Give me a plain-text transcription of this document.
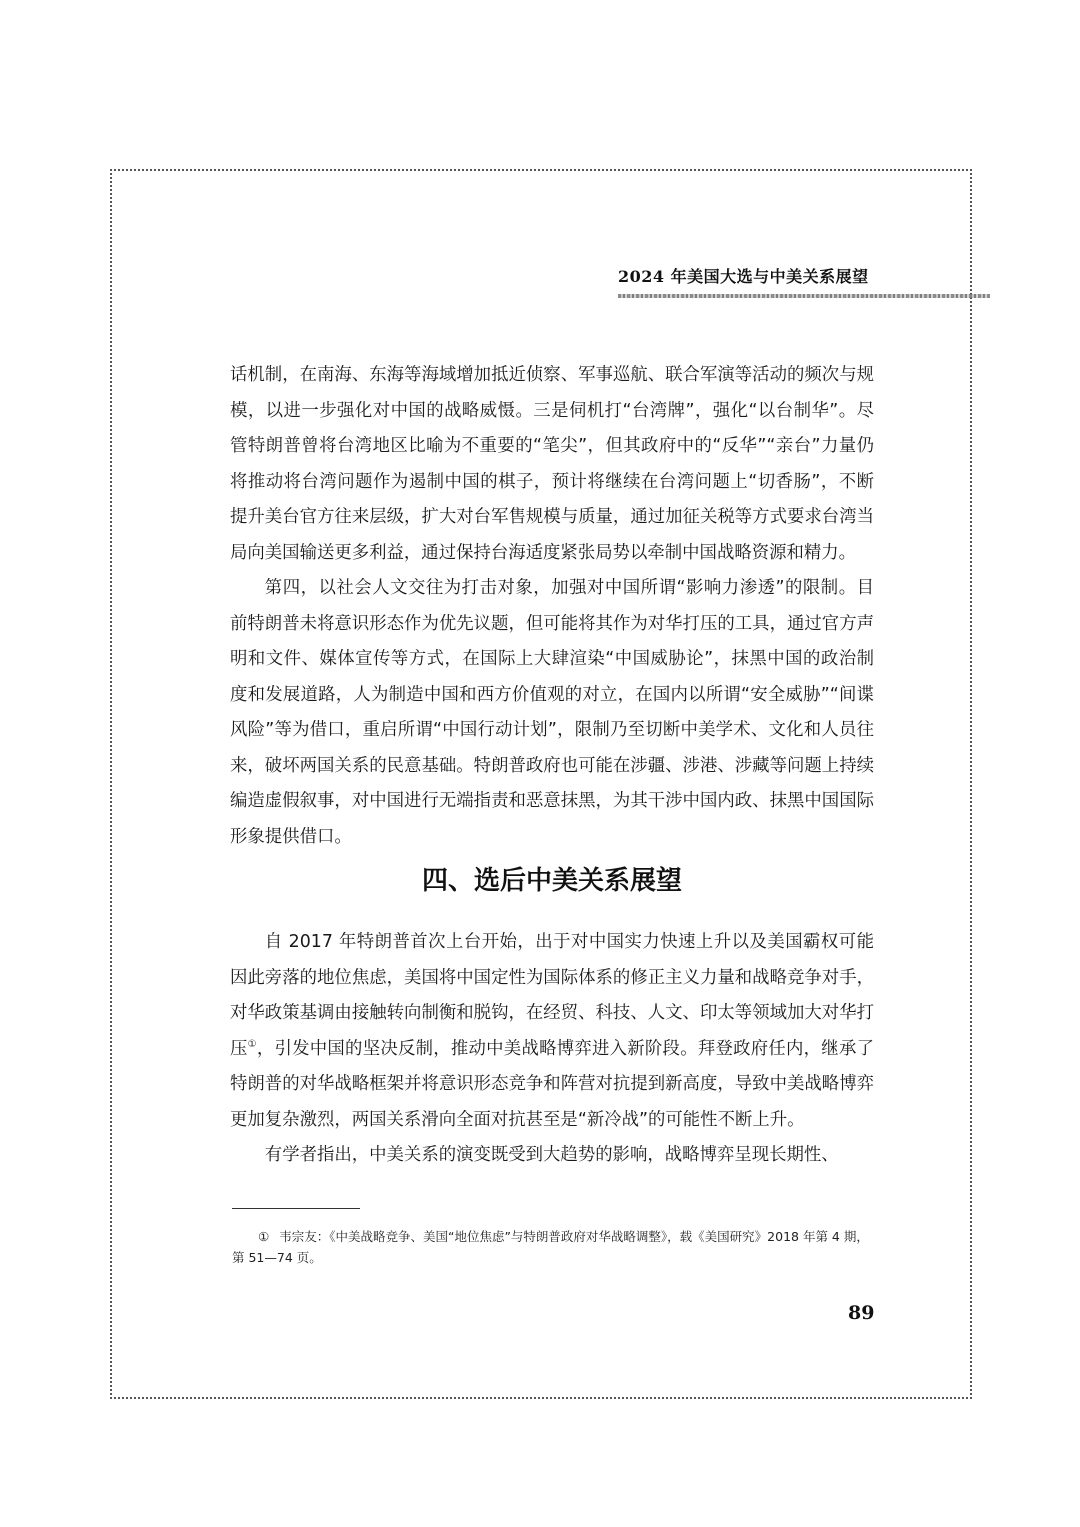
2024 年美国大选与中美关系展望

话机制，在南海、东海等海域增加抵近侦察、军事巡航、联合军演等活动的频次与规模，以进一步强化对中国的战略威慑。三是伺机打“台湾牌”，强化“以台制华”。尽管特朗普曾将台湾地区比喻为不重要的“笔尖”，但其政府中的“反华”“亲台”力量仍将推动将台湾问题作为遏制中国的棋子，预计将继续在台湾问题上“切香肠”，不断提升美台官方往来层级，扩大对台军售规模与质量，通过加征关税等方式要求台湾当局向美国输送更多利益，通过保持台海适度紧张局势以牵制中国战略资源和精力。

第四，以社会人文交往为打击对象，加强对中国所谓“影响力渗透”的限制。目前特朗普未将意识形态作为优先议题，但可能将其作为对华打压的工具，通过官方声明和文件、媒体宣传等方式，在国际上大肆渲染“中国威胁论”，抹黑中国的政治制度和发展道路，人为制造中国和西方价值观的对立，在国内以所谓“安全威胁”“间谍风险”等为借口，重启所谓“中国行动计划”，限制乃至切断中美学术、文化和人员往来，破坏两国关系的民意基础。特朗普政府也可能在涉疆、涉港、涉藏等问题上持续编造虚假叙事，对中国进行无端指责和恶意抹黑，为其干涉中国内政、抹黑中国国际形象提供借口。

四、选后中美关系展望

自 2017 年特朗普首次上台开始，出于对中国实力快速上升以及美国霸权可能因此旁落的地位焦虑，美国将中国定性为国际体系的修正主义力量和战略竞争对手，对华政策基调由接触转向制衡和脱钩，在经贸、科技、人文、印太等领域加大对华打压①，引发中国的坚决反制，推动中美战略博弈进入新阶段。拜登政府任内，继承了特朗普的对华战略框架并将意识形态竞争和阵营对抗提到新高度，导致中美战略博弈更加复杂激烈，两国关系滑向全面对抗甚至是“新冷战”的可能性不断上升。

有学者指出，中美关系的演变既受到大趋势的影响，战略博弈呈现长期性、

① 韦宗友：《中美战略竞争、美国“地位焦虑”与特朗普政府对华战略调整》，载《美国研究》2018 年第 4 期，第 51—74 页。
89
